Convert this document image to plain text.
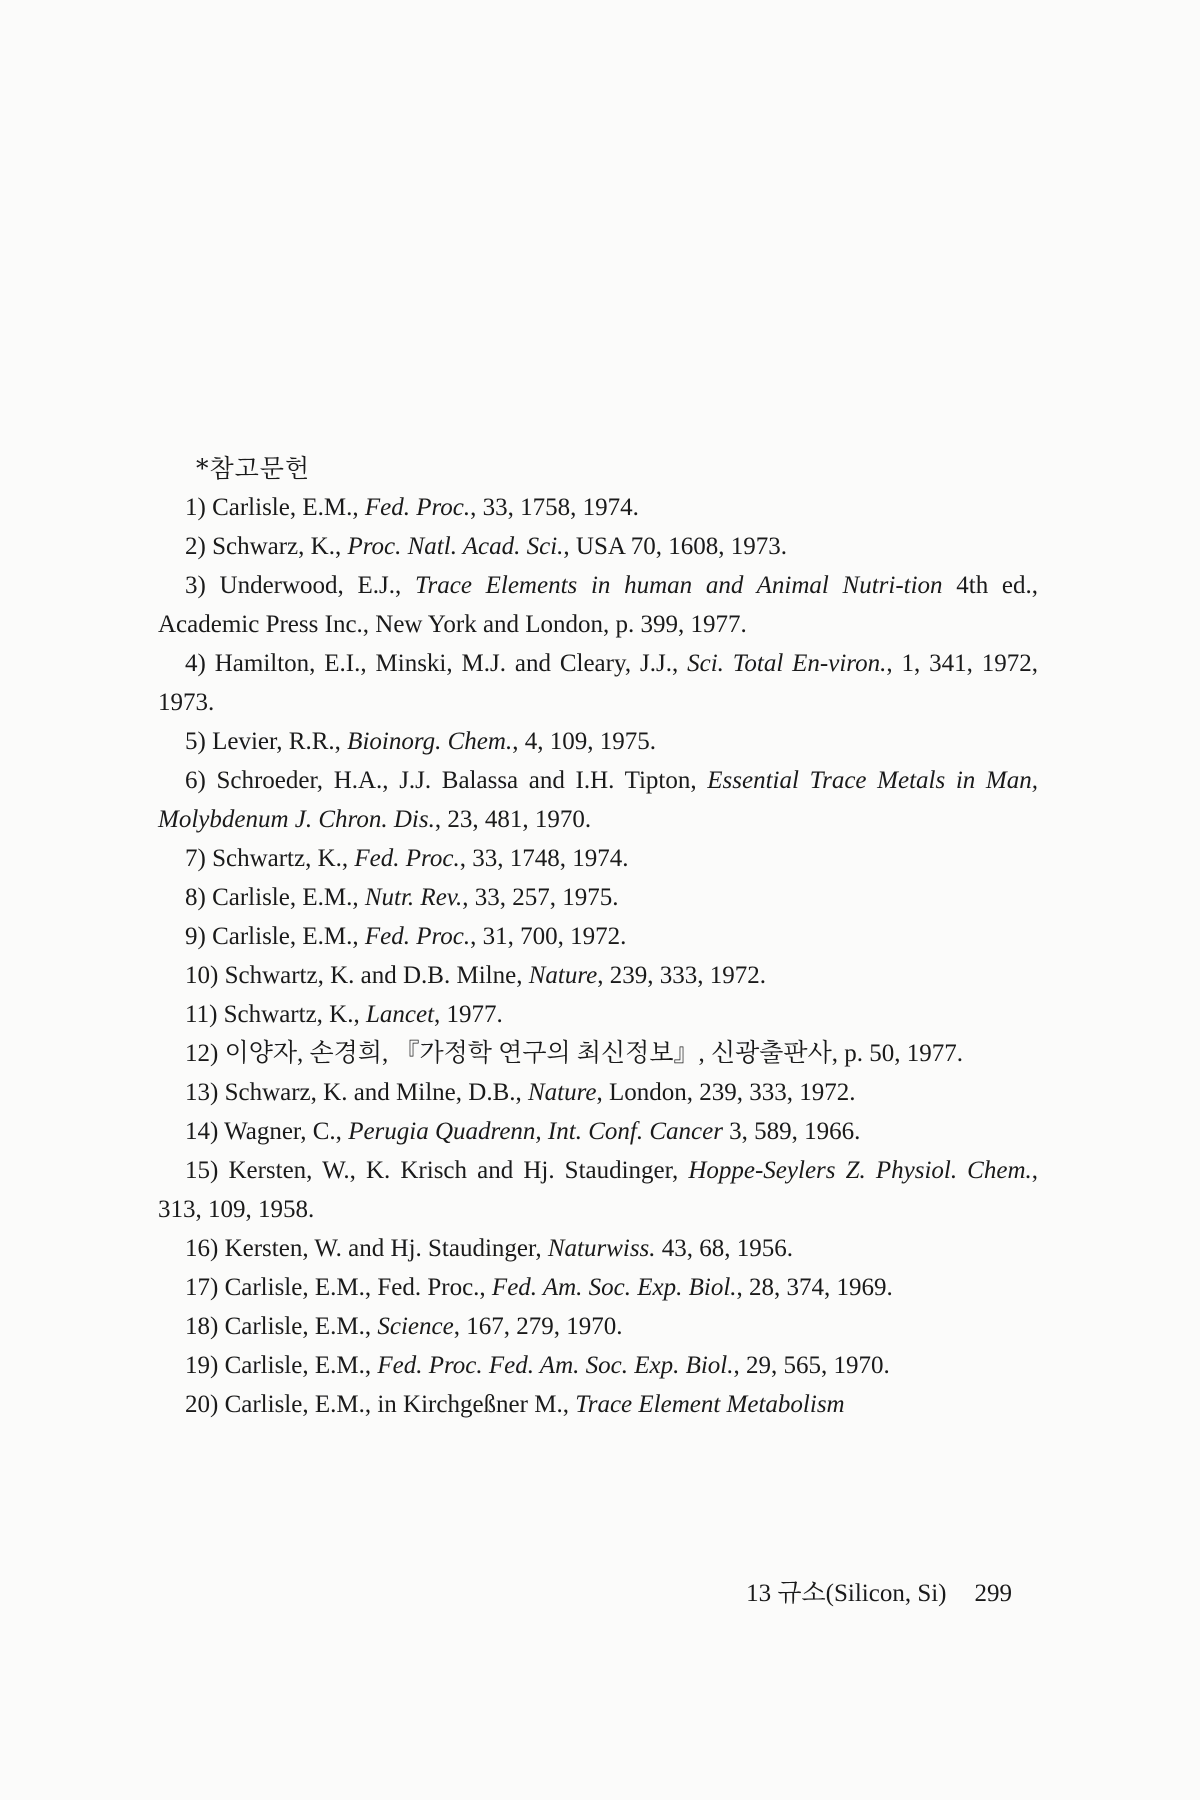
*참고문헌
1) Carlisle, E.M., Fed. Proc., 33, 1758, 1974.
2) Schwarz, K., Proc. Natl. Acad. Sci., USA 70, 1608, 1973.
3) Underwood, E.J., Trace Elements in human and Animal Nutri-tion 4th ed., Academic Press Inc., New York and London, p. 399, 1977.
4) Hamilton, E.I., Minski, M.J. and Cleary, J.J., Sci. Total En-viron., 1, 341, 1972, 1973.
5) Levier, R.R., Bioinorg. Chem., 4, 109, 1975.
6) Schroeder, H.A., J.J. Balassa and I.H. Tipton, Essential Trace Metals in Man, Molybdenum J. Chron. Dis., 23, 481, 1970.
7) Schwartz, K., Fed. Proc., 33, 1748, 1974.
8) Carlisle, E.M., Nutr. Rev., 33, 257, 1975.
9) Carlisle, E.M., Fed. Proc., 31, 700, 1972.
10) Schwartz, K. and D.B. Milne, Nature, 239, 333, 1972.
11) Schwartz, K., Lancet, 1977.
12) 이양자, 손경희, 『가정학 연구의 최신정보』, 신광출판사, p. 50, 1977.
13) Schwarz, K. and Milne, D.B., Nature, London, 239, 333, 1972.
14) Wagner, C., Perugia Quadrenn, Int. Conf. Cancer 3, 589, 1966.
15) Kersten, W., K. Krisch and Hj. Staudinger, Hoppe-Seylers Z. Physiol. Chem., 313, 109, 1958.
16) Kersten, W. and Hj. Staudinger, Naturwiss. 43, 68, 1956.
17) Carlisle, E.M., Fed. Proc., Fed. Am. Soc. Exp. Biol., 28, 374, 1969.
18) Carlisle, E.M., Science, 167, 279, 1970.
19) Carlisle, E.M., Fed. Proc. Fed. Am. Soc. Exp. Biol., 29, 565, 1970.
20) Carlisle, E.M., in Kirchgeßner M., Trace Element Metabolism
13 규소(Silicon, Si) 299
